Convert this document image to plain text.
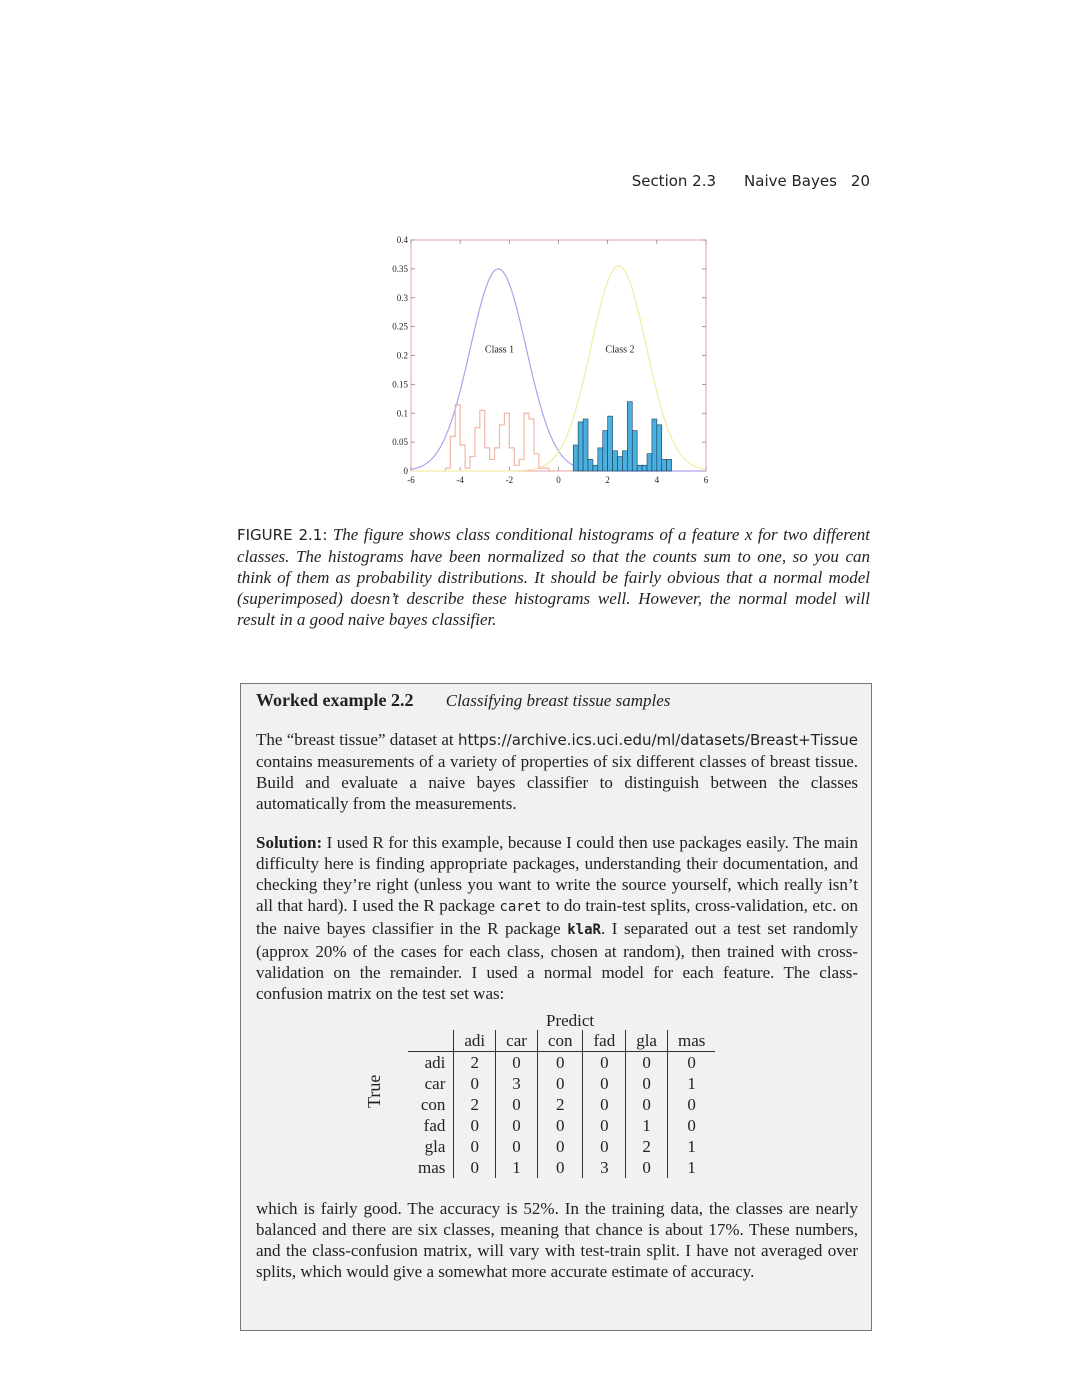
Section 2.3 Naive Bayes 20
0
0.05
0.1
0.15
0.2
0.25
0.3
0.35
0.4
-6	-4	-2	0	2	4	6
Class 1	Class 2
FIGURE 2.1: The figure shows class conditional histograms of a feature x for two different classes. The histograms have been normalized so that the counts sum to one, so you can think of them as probability distributions. It should be fairly obvious that a normal model (superimposed) doesn’t describe these histograms well. However, the normal model will result in a good naive bayes classifier.
Worked example 2.2 Classifying breast tissue samples
The “breast tissue” dataset at https://archive.ics.uci.edu/ml/datasets/Breast+Tissue contains measurements of a variety of properties of six different classes of breast tissue. Build and evaluate a naive bayes classifier to distinguish between the classes automatically from the measurements.
Solution: I used R for this example, because I could then use packages easily. The main difficulty here is finding appropriate packages, understanding their documentation, and checking they’re right (unless you want to write the source yourself, which really isn’t all that hard). I used the R package caret to do train-test splits, cross-validation, etc. on the naive bayes classifier in the R package klaR. I separated out a test set randomly (approx 20% of the cases for each class, chosen at random), then trained with cross-validation on the remainder. I used a normal model for each feature. The class-confusion matrix on the test set was:
Predict
True
	adi	car	con	fad	gla	mas
adi	2	0	0	0	0	0
car	0	3	0	0	0	1
con	2	0	2	0	0	0
fad	0	0	0	0	1	0
gla	0	0	0	0	2	1
mas	0	1	0	3	0	1
which is fairly good. The accuracy is 52%. In the training data, the classes are nearly balanced and there are six classes, meaning that chance is about 17%. These numbers, and the class-confusion matrix, will vary with test-train split. I have not averaged over splits, which would give a somewhat more accurate estimate of accuracy.
